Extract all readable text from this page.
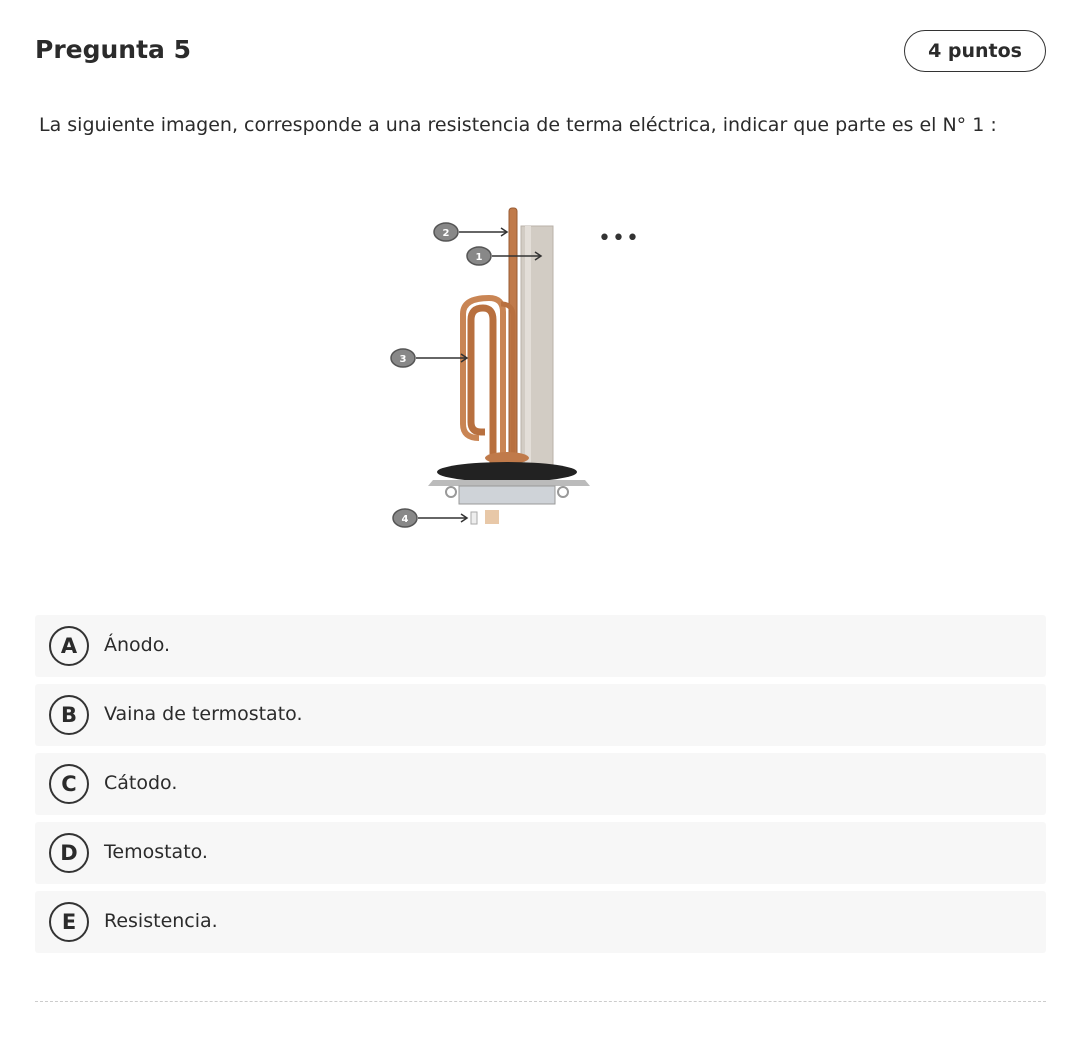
Pregunta 5	4 puntos
La siguiente imagen, corresponde a una resistencia de terma eléctrica, indicar que parte es el N° 1 :
2
1
3
4
•••
A	Ánodo.
B	Vaina de termostato.
C	Cátodo.
D	Temostato.
E	Resistencia.
